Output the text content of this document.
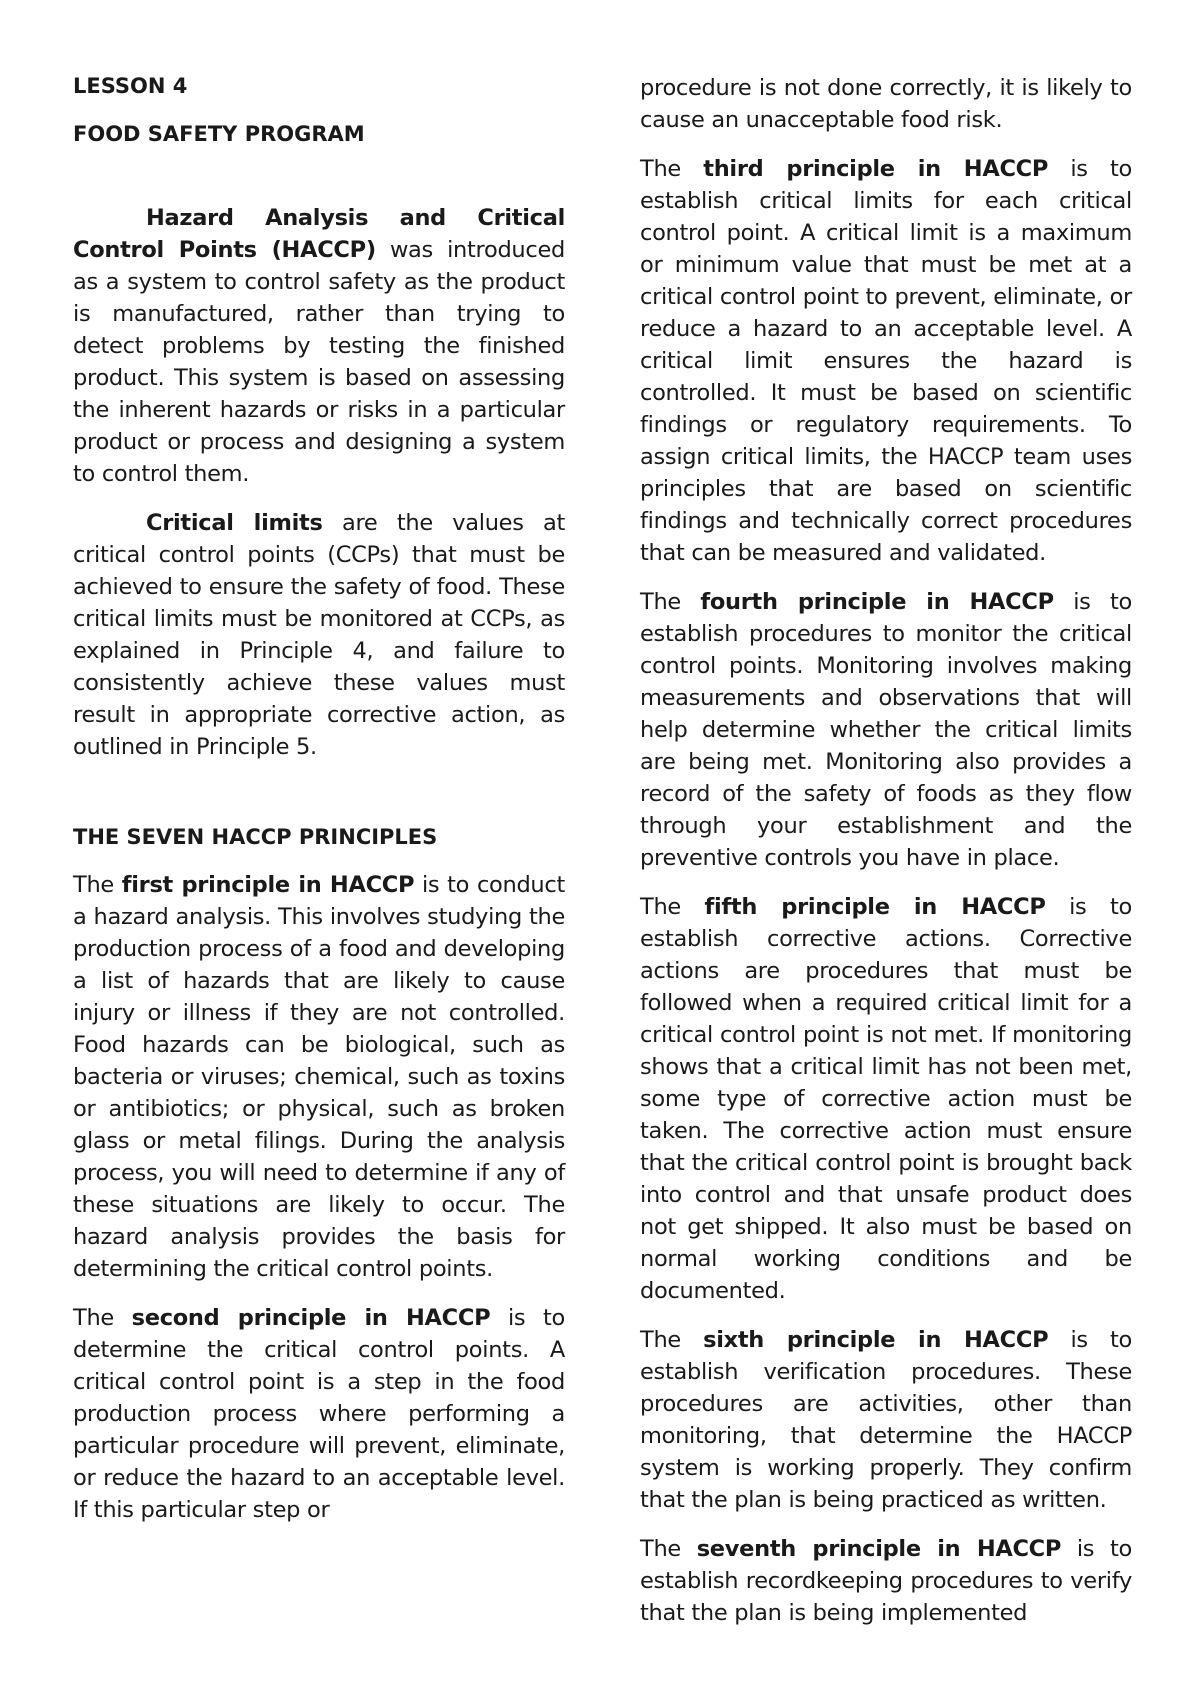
LESSON 4
FOOD SAFETY PROGRAM

Hazard Analysis and Critical Control Points (HACCP) was introduced as a system to control safety as the product is manufactured, rather than trying to detect problems by testing the finished product. This system is based on assessing the inherent hazards or risks in a particular product or process and designing a system to control them.

Critical limits are the values at critical control points (CCPs) that must be achieved to ensure the safety of food. These critical limits must be monitored at CCPs, as explained in Principle 4, and failure to consistently achieve these values must result in appropriate corrective action, as outlined in Principle 5.

THE SEVEN HACCP PRINCIPLES

The first principle in HACCP is to conduct a hazard analysis. This involves studying the production process of a food and developing a list of hazards that are likely to cause injury or illness if they are not controlled. Food hazards can be biological, such as bacteria or viruses; chemical, such as toxins or antibiotics; or physical, such as broken glass or metal filings. During the analysis process, you will need to determine if any of these situations are likely to occur. The hazard analysis provides the basis for determining the critical control points.

The second principle in HACCP is to determine the critical control points. A critical control point is a step in the food production process where performing a particular procedure will prevent, eliminate, or reduce the hazard to an acceptable level. If this particular step or

procedure is not done correctly, it is likely to cause an unacceptable food risk.

The third principle in HACCP is to establish critical limits for each critical control point. A critical limit is a maximum or minimum value that must be met at a critical control point to prevent, eliminate, or reduce a hazard to an acceptable level. A critical limit ensures the hazard is controlled. It must be based on scientific findings or regulatory requirements. To assign critical limits, the HACCP team uses principles that are based on scientific findings and technically correct procedures that can be measured and validated.

The fourth principle in HACCP is to establish procedures to monitor the critical control points. Monitoring involves making measurements and observations that will help determine whether the critical limits are being met. Monitoring also provides a record of the safety of foods as they flow through your establishment and the preventive controls you have in place.

The fifth principle in HACCP is to establish corrective actions. Corrective actions are procedures that must be followed when a required critical limit for a critical control point is not met. If monitoring shows that a critical limit has not been met, some type of corrective action must be taken. The corrective action must ensure that the critical control point is brought back into control and that unsafe product does not get shipped. It also must be based on normal working conditions and be documented.

The sixth principle in HACCP is to establish verification procedures. These procedures are activities, other than monitoring, that determine the HACCP system is working properly. They confirm that the plan is being practiced as written.

The seventh principle in HACCP is to establish recordkeeping procedures to verify that the plan is being implemented
